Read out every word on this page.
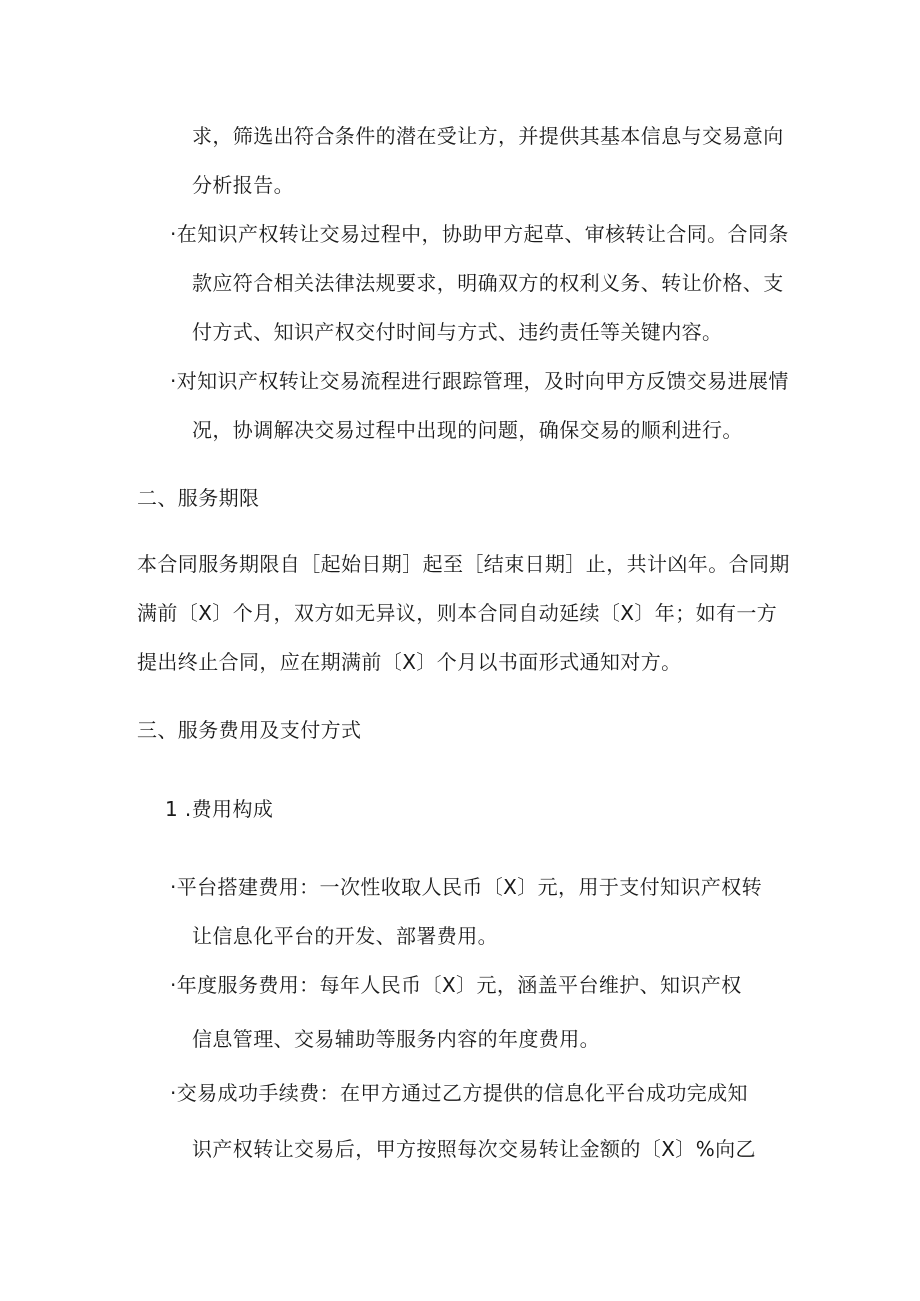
求，筛选出符合条件的潜在受让方，并提供其基本信息与交易意向
分析报告。
·在知识产权转让交易过程中，协助甲方起草、审核转让合同。合同条
款应符合相关法律法规要求，明确双方的权利义务、转让价格、支
付方式、知识产权交付时间与方式、违约责任等关键内容。
·对知识产权转让交易流程进行跟踪管理，及时向甲方反馈交易进展情
况，协调解决交易过程中出现的问题，确保交易的顺利进行。
二、服务期限
本合同服务期限自［起始日期］起至［结束日期］止，共计凶年。合同期
满前〔X〕个月，双方如无异议，则本合同自动延续〔X〕年；如有一方
提出终止合同，应在期满前〔X〕个月以书面形式通知对方。
三、服务费用及支付方式
1 .费用构成
·平台搭建费用：一次性收取人民币〔X〕元，用于支付知识产权转
让信息化平台的开发、部署费用。
·年度服务费用：每年人民币〔X〕元，涵盖平台维护、知识产权
信息管理、交易辅助等服务内容的年度费用。
·交易成功手续费：在甲方通过乙方提供的信息化平台成功完成知
识产权转让交易后，甲方按照每次交易转让金额的〔X〕%向乙
